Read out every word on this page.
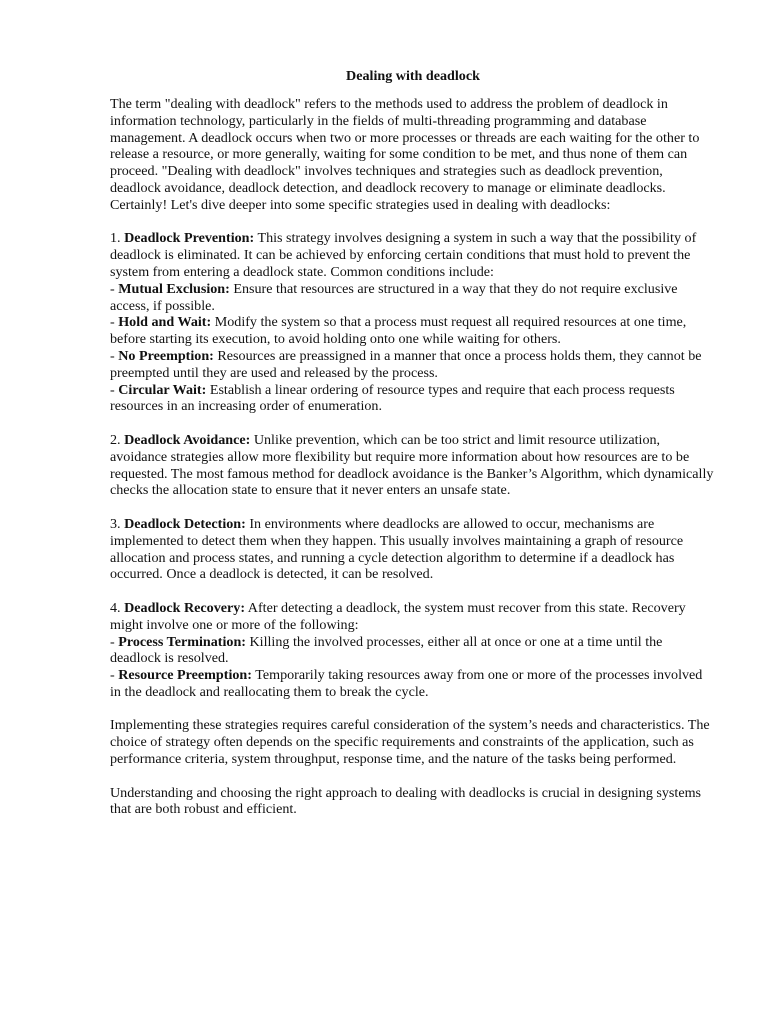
Dealing with deadlock

The term "dealing with deadlock" refers to the methods used to address the problem of deadlock in information technology, particularly in the fields of multi-threading programming and database management. A deadlock occurs when two or more processes or threads are each waiting for the other to release a resource, or more generally, waiting for some condition to be met, and thus none of them can proceed. "Dealing with deadlock" involves techniques and strategies such as deadlock prevention, deadlock avoidance, deadlock detection, and deadlock recovery to manage or eliminate deadlocks.

Certainly! Let's dive deeper into some specific strategies used in dealing with deadlocks:

1. Deadlock Prevention: This strategy involves designing a system in such a way that the possibility of deadlock is eliminated. It can be achieved by enforcing certain conditions that must hold to prevent the system from entering a deadlock state. Common conditions include:

- Mutual Exclusion: Ensure that resources are structured in a way that they do not require exclusive access, if possible.

- Hold and Wait: Modify the system so that a process must request all required resources at one time, before starting its execution, to avoid holding onto one while waiting for others.

- No Preemption: Resources are preassigned in a manner that once a process holds them, they cannot be preempted until they are used and released by the process.

- Circular Wait: Establish a linear ordering of resource types and require that each process requests resources in an increasing order of enumeration.

2. Deadlock Avoidance: Unlike prevention, which can be too strict and limit resource utilization, avoidance strategies allow more flexibility but require more information about how resources are to be requested. The most famous method for deadlock avoidance is the Banker’s Algorithm, which dynamically checks the allocation state to ensure that it never enters an unsafe state.

3. Deadlock Detection: In environments where deadlocks are allowed to occur, mechanisms are implemented to detect them when they happen. This usually involves maintaining a graph of resource allocation and process states, and running a cycle detection algorithm to determine if a deadlock has occurred. Once a deadlock is detected, it can be resolved.

4. Deadlock Recovery: After detecting a deadlock, the system must recover from this state. Recovery might involve one or more of the following:

- Process Termination: Killing the involved processes, either all at once or one at a time until the deadlock is resolved.

- Resource Preemption: Temporarily taking resources away from one or more of the processes involved in the deadlock and reallocating them to break the cycle.

Implementing these strategies requires careful consideration of the system’s needs and characteristics. The choice of strategy often depends on the specific requirements and constraints of the application, such as performance criteria, system throughput, response time, and the nature of the tasks being performed.

Understanding and choosing the right approach to dealing with deadlocks is crucial in designing systems that are both robust and efficient.
